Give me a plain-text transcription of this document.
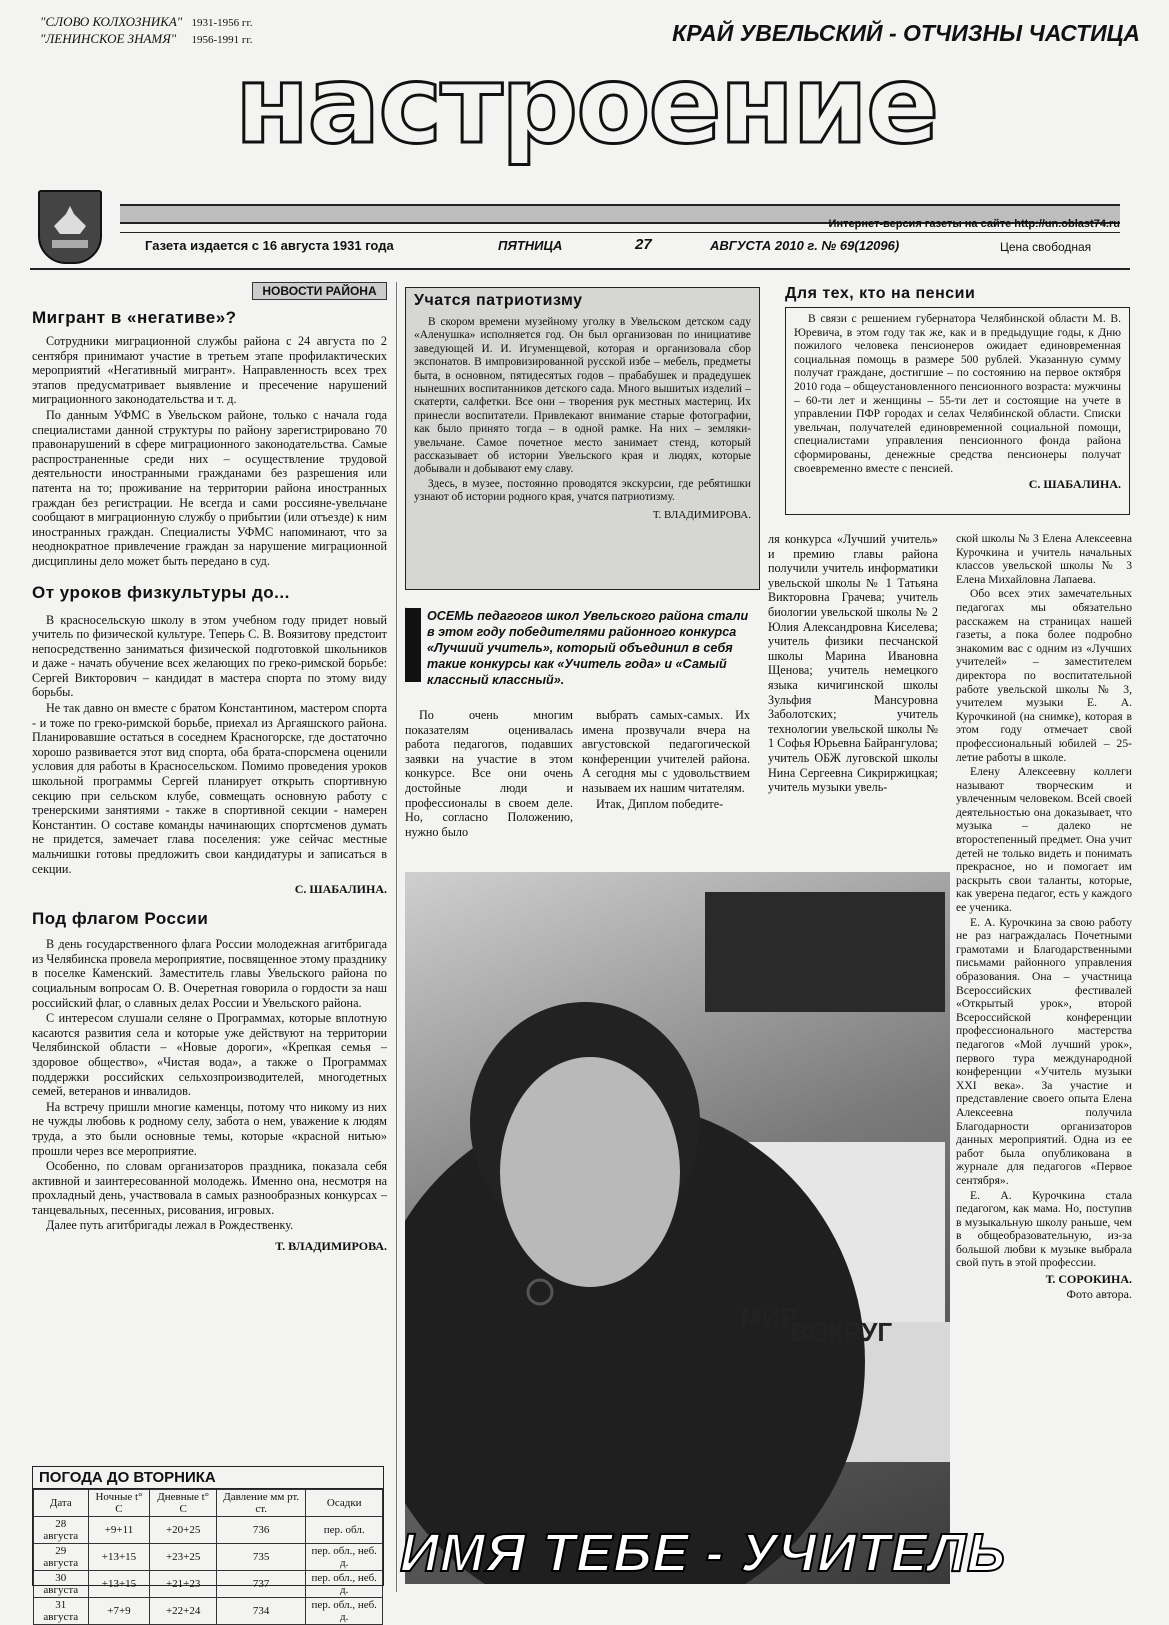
"СЛОВО КОЛХОЗНИКА" 1931-1956 гг.
"ЛЕНИНСКОЕ ЗНАМЯ" 1956-1991 гг.	КРАЙ УВЕЛЬСКИЙ - ОТЧИЗНЫ ЧАСТИЦА
настроение
Интернет-версия газеты на сайте http://un.oblast74.ru
Газета издается с 16 августа 1931 года	ПЯТНИЦА	27	АВГУСТА 2010 г. № 69(12096)	Цена свободная
НОВОСТИ РАЙОНА
Мигрант в «негативе»?

Сотрудники миграционной службы района с 24 августа по 2 сентября принимают участие в третьем этапе профилактических мероприятий «Негативный мигрант». Направленность всех трех этапов предусматривает выявление и пресечение нарушений миграционного законодательства и т. д.

По данным УФМС в Увельском районе, только с начала года специалистами данной структуры по району зарегистрировано 70 правонарушений в сфере миграционного законодательства. Самые распространенные среди них – осуществление трудовой деятельности иностранными гражданами без разрешения или патента на то; проживание на территории района иностранных граждан без регистрации. Не всегда и сами россияне-увельчане сообщают в миграционную службу о прибытии (или отъезде) к ним иностранных граждан. Специалисты УФМС напоминают, что за неоднократное привлечение граждан за нарушение миграционной дисциплины дело может быть передано в суд.

От уроков физкультуры до...

В красносельскую школу в этом учебном году придет новый учитель по физической культуре. Теперь С. В. Воязитову предстоит непосредственно заниматься физической подготовкой школьников и даже - начать обучение всех желающих по греко-римской борьбе: Сергей Викторович – кандидат в мастера спорта по этому виду борьбы.

Не так давно он вместе с братом Константином, мастером спорта - и тоже по греко-римской борьбе, приехал из Аргаяшского района. Планировавшие остаться в соседнем Красногорске, где достаточно хорошо развивается этот вид спорта, оба брата-спорсмена оценили условия для работы в Красносельском. Помимо проведения уроков школьной программы Сергей планирует открыть спортивную секцию при сельском клубе, совмещать основную работу с тренерскими занятиями - также в спортивной секции - намерен Константин. О составе команды начинающих спортсменов думать не придется, замечает глава поселения: уже сейчас местные мальчишки готовы предложить свои кандидатуры и записаться в секции.

С. ШАБАЛИНА.
Под флагом России

В день государственного флага России молодежная агитбригада из Челябинска провела мероприятие, посвященное этому празднику в поселке Каменский. Заместитель главы Увельского района по социальным вопросам О. В. Очеретная говорила о гордости за наш российский флаг, о славных делах России и Увельского района.

С интересом слушали селяне о Программах, которые вплотную касаются развития села и которые уже действуют на территории Челябинской области – «Новые дороги», «Крепкая семья – здоровое общество», «Чистая вода», а также о Программах поддержки российских сельхозпроизводителей, многодетных семей, ветеранов и инвалидов.

На встречу пришли многие каменцы, потому что никому из них не чужды любовь к родному селу, забота о нем, уважение к людям труда, а это были основные темы, которые «красной нитью» прошли через все мероприятие.

Особенно, по словам организаторов праздника, показала себя активной и заинтересованной молодежь. Именно она, несмотря на прохладный день, участвовала в самых разнообразных конкурсах – танцевальных, песенных, рисования, игровых.

Далее путь агитбригады лежал в Рождественку.

Т. ВЛАДИМИРОВА.
ПОГОДА ДО ВТОРНИКА
Дата	Ночные t° C	Дневные t° C	Давление мм рт. ст.	Осадки
28 августа	+9+11	+20+25	736	пер. обл.
29 августа	+13+15	+23+25	735	пер. обл., неб. д.
30 августа	+13+15	+21+23	737	пер. обл., неб. д.
31 августа	+7+9	+22+24	734	пер. обл., неб. д.
Учатся патриотизму

В скором времени музейному уголку в Увельском детском саду «Аленушка» исполняется год. Он был организован по инициативе заведующей И. И. Игуменщевой, которая и организовала сбор экспонатов. В импровизированной русской избе – мебель, предметы быта, в основном, пятидесятых годов – прабабушек и прадедушек нынешних воспитанников детского сада. Много вышитых изделий – скатерти, салфетки. Все они – творения рук местных мастериц. Их принесли воспитатели. Привлекают внимание старые фотографии, как было принято тогда – в одной рамке. На них – земляки-увельчане. Самое почетное место занимает стенд, который рассказывает об истории Увельского края и людях, которые добывали и добывают ему славу.

Здесь, в музее, постоянно проводятся экскурсии, где ребятишки узнают об истории родного края, учатся патриотизму.

Т. ВЛАДИМИРОВА.
Для тех, кто на пенсии

В связи с решением губернатора Челябинской области М. В. Юревича, в этом году так же, как и в предыдущие годы, к Дню пожилого человека пенсионеров ожидает единовременная социальная помощь в размере 500 рублей. Указанную сумму получат граждане, достигшие – по состоянию на первое октября 2010 года – общеустановленного пенсионного возраста: мужчины – 60-ти лет и женщины – 55-ти лет и состоящие на учете в управлении ПФР городах и селах Челябинской области. Списки увельчан, получателей единовременной социальной помощи, специалистами управления пенсионного фонда района сформированы, денежные средства пенсионеры получат своевременно вместе с пенсией.

С. ШАБАЛИНА.
В	ОСЕМЬ педагогов школ Увельского района стали в этом году победителями районного конкурса «Лучший учитель», который объединил в себя такие конкурсы как «Учитель года» и «Самый классный классный».

По очень многим показателям оценивалась работа педагогов, подавших заявки на участие в этом конкурсе. Все они очень достойные люди и профессионалы в своем деле. Но, согласно Положению, нужно было

выбрать самых-самых. Их имена прозвучали вчера на августовской педагогической конференции учителей района. А сегодня мы с удовольствием называем их нашим читателям.

Итак, Диплом победите-

ля конкурса «Лучший учитель» и премию главы района получили учитель информатики увельской школы № 1 Татьяна Викторовна Грачева; учитель биологии увельской школы № 2 Юлия Александровна Киселева; учитель физики песчанской школы Марина Ивановна Щенова; учитель немецкого языка кичигинской школы Зульфия Мансуровна Заболотских; учитель технологии увельской школы № 1 Софья Юрьевна Байрангулова; учитель ОБЖ луговской школы Нина Сергеевна Сикриржицкая; учитель музыки увель-

ской школы № 3 Елена Алексеевна Курочкина и учитель начальных классов увельской школы № 3 Елена Михайловна Лапаева.

Обо всех этих замечательных педагогах мы обязательно расскажем на страницах нашей газеты, а пока более подробно знакомим вас с одним из «Лучших учителей» – заместителем директора по воспитательной работе увельской школы № 3, учителем музыки Е. А. Курочкиной (на снимке), которая в этом году отмечает свой профессиональный юбилей – 25-летие работы в школе.

Елену Алексеевну коллеги называют творческим и увлеченным человеком. Всей своей деятельностью она доказывает, что музыка – далеко не второстепенный предмет. Она учит детей не только видеть и понимать прекрасное, но и помогает им раскрыть свои таланты, которые, как уверена педагог, есть у каждого ее ученика.

Е. А. Курочкина за свою работу не раз награждалась Почетными грамотами и Благодарственными письмами районного управления образования. Она – участница Всероссийских фестивалей «Открытый урок», второй Всероссийской конференции профессионального мастерства педагогов «Мой лучший урок», первого тура международной конференции «Учитель музыки XXI века». За участие и представление своего опыта Елена Алексеевна получила Благодарности организаторов данных мероприятий. Одна из ее работ была опубликована в журнале для педагогов «Первое сентября».

Е. А. Курочкина стала педагогом, как мама. Но, поступив в музыкальную школу раньше, чем в общеобразовательную, из-за большой любви к музыке выбрала свой путь в этой профессии.

Т. СОРОКИНА.
Фото автора.
МИР
ВОКРУГ
ИМЯ ТЕБЕ - УЧИТЕЛЬ
